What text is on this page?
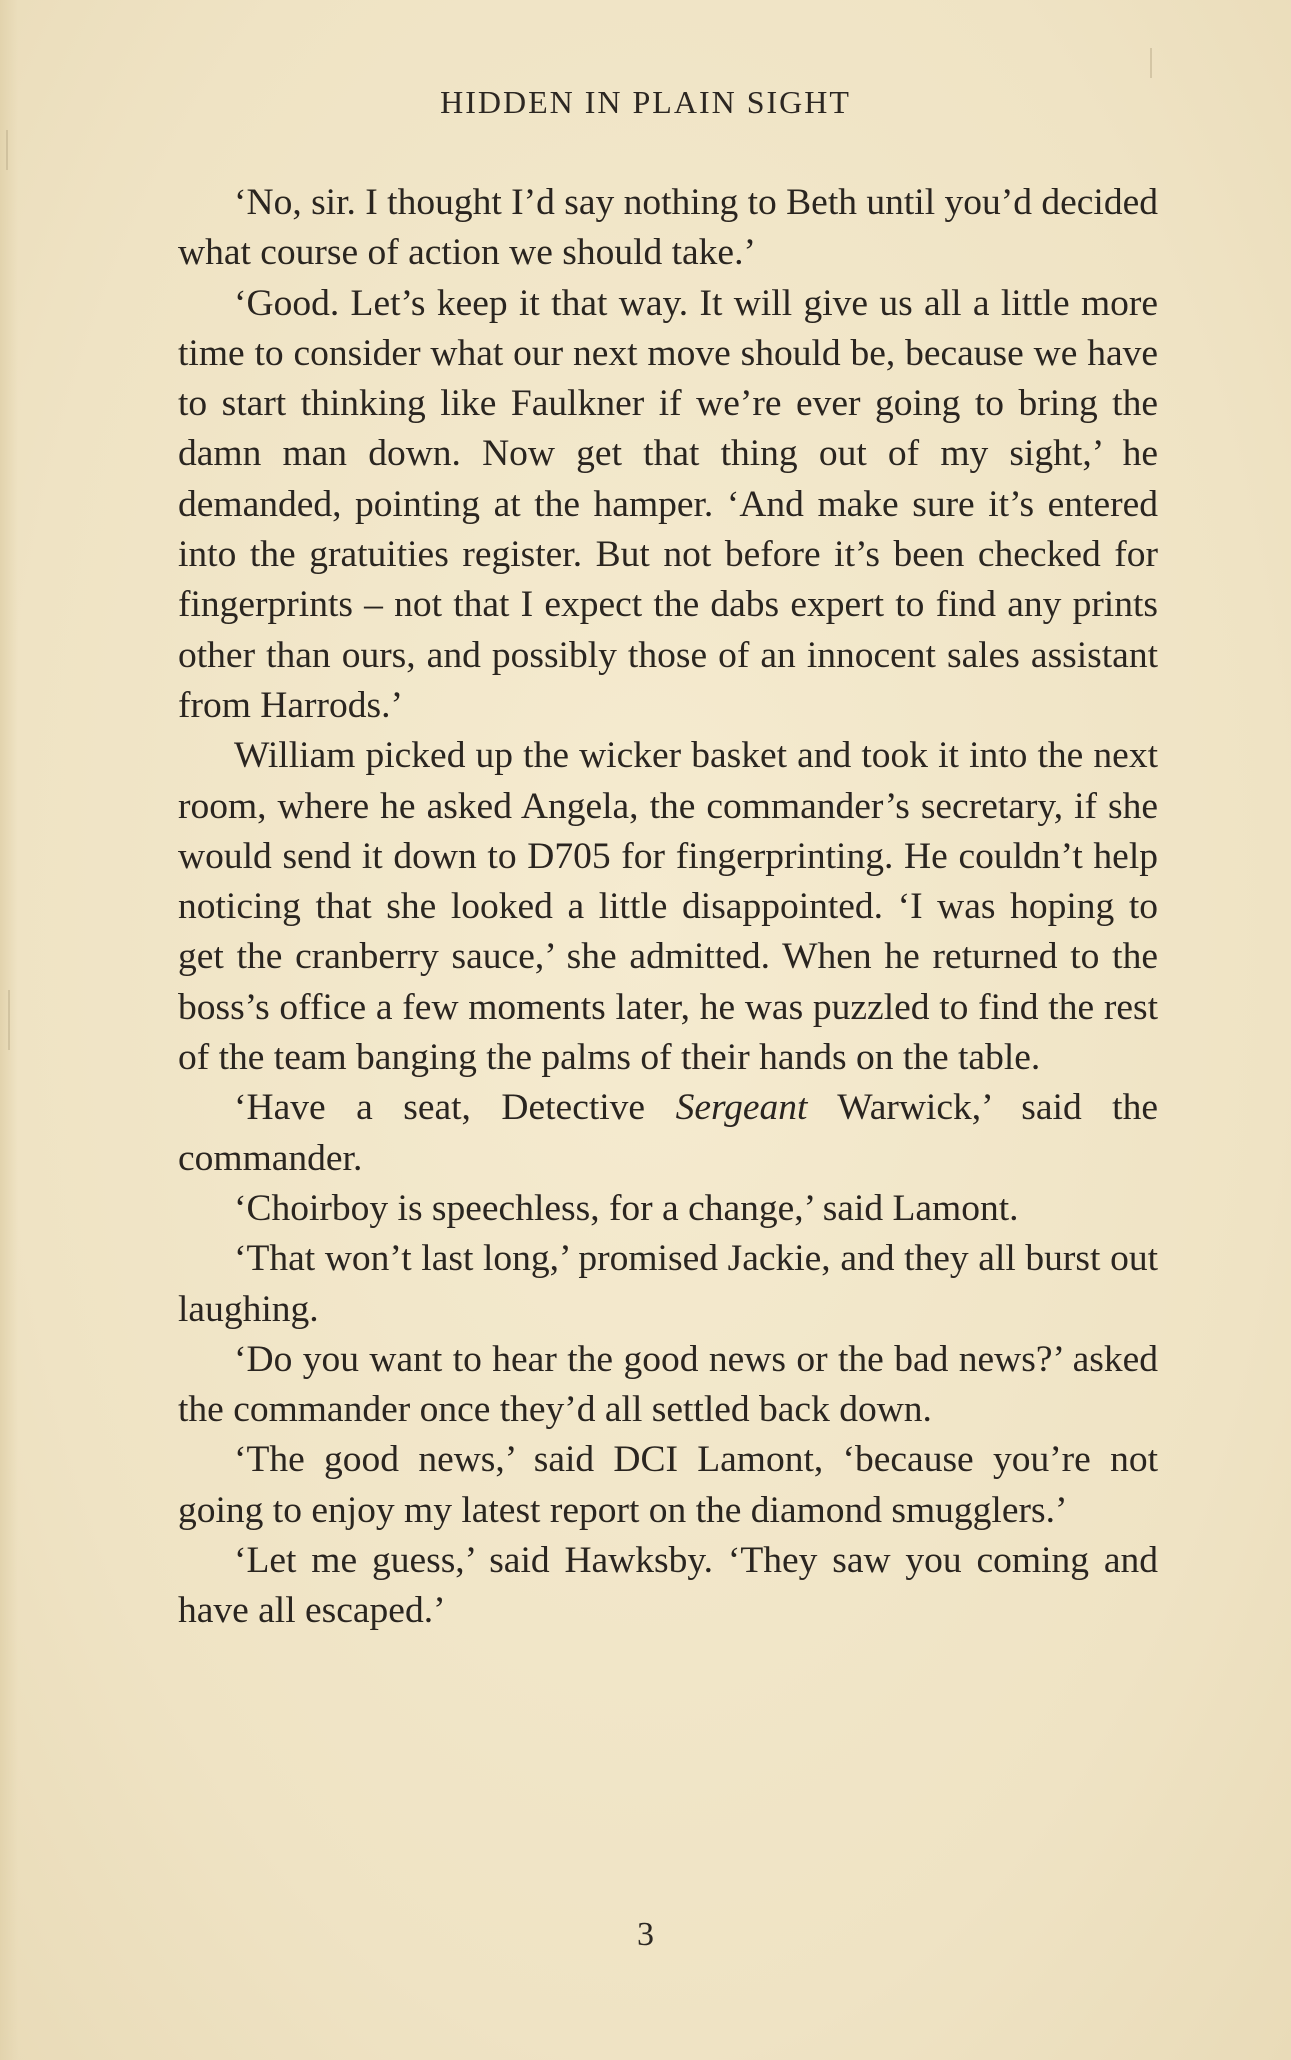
HIDDEN IN PLAIN SIGHT

‘No, sir. I thought I’d say nothing to Beth until you’d decided what course of action we should take.’

‘Good. Let’s keep it that way. It will give us all a little more time to consider what our next move should be, because we have to start thinking like Faulkner if we’re ever going to bring the damn man down. Now get that thing out of my sight,’ he demanded, pointing at the hamper. ‘And make sure it’s entered into the gratuities register. But not before it’s been checked for fingerprints – not that I expect the dabs expert to find any prints other than ours, and possibly those of an innocent sales assistant from Harrods.’

William picked up the wicker basket and took it into the next room, where he asked Angela, the commander’s secretary, if she would send it down to D705 for fingerprinting. He couldn’t help noticing that she looked a little disappointed. ‘I was hoping to get the cranberry sauce,’ she admitted. When he returned to the boss’s office a few moments later, he was puzzled to find the rest of the team banging the palms of their hands on the table.

‘Have a seat, Detective Sergeant Warwick,’ said the commander.

‘Choirboy is speechless, for a change,’ said Lamont.

‘That won’t last long,’ promised Jackie, and they all burst out laughing.

‘Do you want to hear the good news or the bad news?’ asked the commander once they’d all settled back down.

‘The good news,’ said DCI Lamont, ‘because you’re not going to enjoy my latest report on the diamond smugglers.’

‘Let me guess,’ said Hawksby. ‘They saw you coming and have all escaped.’

3
